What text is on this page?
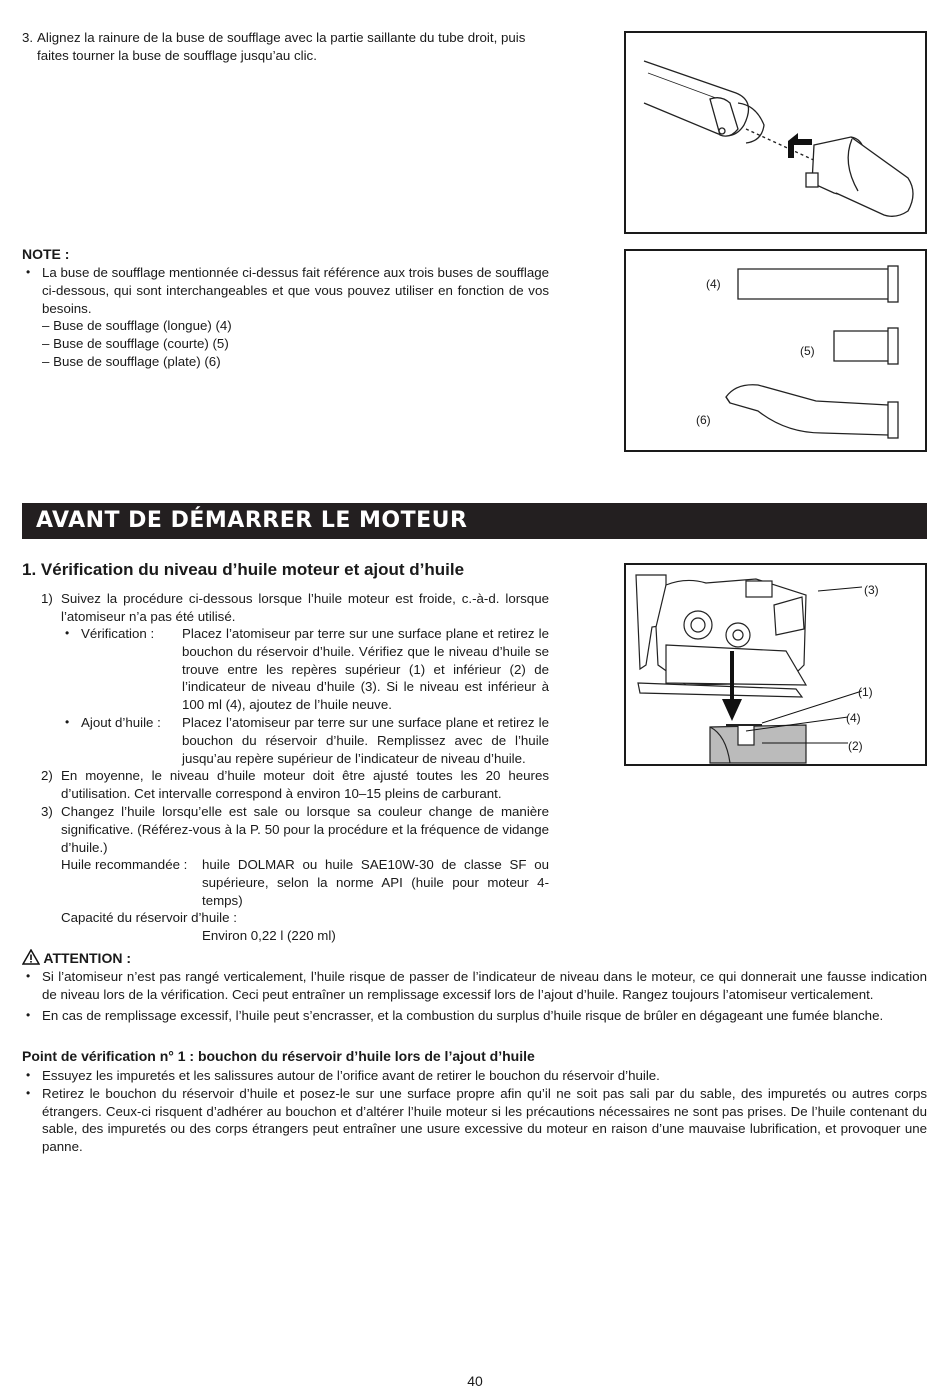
3. Alignez la rainure de la buse de soufflage avec la partie saillante du tube droit, puis faites tourner la buse de soufflage jusqu’au clic.
NOTE :
• La buse de soufflage mentionnée ci-dessus fait référence aux trois buses de soufflage ci-dessous, qui sont interchangeables et que vous pouvez utiliser en fonction de vos besoins.
– Buse de soufflage (longue) (4)
– Buse de soufflage (courte) (5)
– Buse de soufflage (plate) (6)
(4)
(5)
(6)
AVANT DE DÉMARRER LE MOTEUR
1. Vérification du niveau d’huile moteur et ajout d’huile
1) Suivez la procédure ci-dessous lorsque l’huile moteur est froide, c.-à-d. lorsque l’atomiseur n’a pas été utilisé.
• Vérification : Placez l’atomiseur par terre sur une surface plane et retirez le bouchon du réservoir d’huile. Vérifiez que le niveau d’huile se trouve entre les repères supérieur (1) et inférieur (2) de l’indicateur de niveau d’huile (3). Si le niveau est inférieur à 100 ml (4), ajoutez de l’huile neuve.
• Ajout d’huile : Placez l’atomiseur par terre sur une surface plane et retirez le bouchon du réservoir d’huile. Remplissez avec de l’huile jusqu’au repère supérieur de l’indicateur de niveau d’huile.
2) En moyenne, le niveau d’huile moteur doit être ajusté toutes les 20 heures d’utilisation. Cet intervalle correspond à environ 10–15 pleins de carburant.
3) Changez l’huile lorsqu’elle est sale ou lorsque sa couleur change de manière significative. (Référez-vous à la P. 50 pour la procédure et la fréquence de vidange d’huile.)
Huile recommandée : huile DOLMAR ou huile SAE10W-30 de classe SF ou supérieure, selon la norme API (huile pour moteur 4-temps)
Capacité du réservoir d’huile :
Environ 0,22 l (220 ml)
(3)
(1)
(4)
(2)
ATTENTION :
• Si l’atomiseur n’est pas rangé verticalement, l’huile risque de passer de l’indicateur de niveau dans le moteur, ce qui donnerait une fausse indication de niveau lors de la vérification. Ceci peut entraîner un remplissage excessif lors de l’ajout d’huile. Rangez toujours l’atomiseur verticalement.
• En cas de remplissage excessif, l’huile peut s’encrasser, et la combustion du surplus d’huile risque de brûler en dégageant une fumée blanche.
Point de vérification n° 1 : bouchon du réservoir d’huile lors de l’ajout d’huile
• Essuyez les impuretés et les salissures autour de l’orifice avant de retirer le bouchon du réservoir d’huile.
• Retirez le bouchon du réservoir d’huile et posez-le sur une surface propre afin qu’il ne soit pas sali par du sable, des impuretés ou autres corps étrangers. Ceux-ci risquent d’adhérer au bouchon et d’altérer l’huile moteur si les précautions nécessaires ne sont pas prises. De l’huile contenant du sable, des impuretés ou des corps étrangers peut entraîner une usure excessive du moteur en raison d’une mauvaise lubrification, et provoquer une panne.
40
